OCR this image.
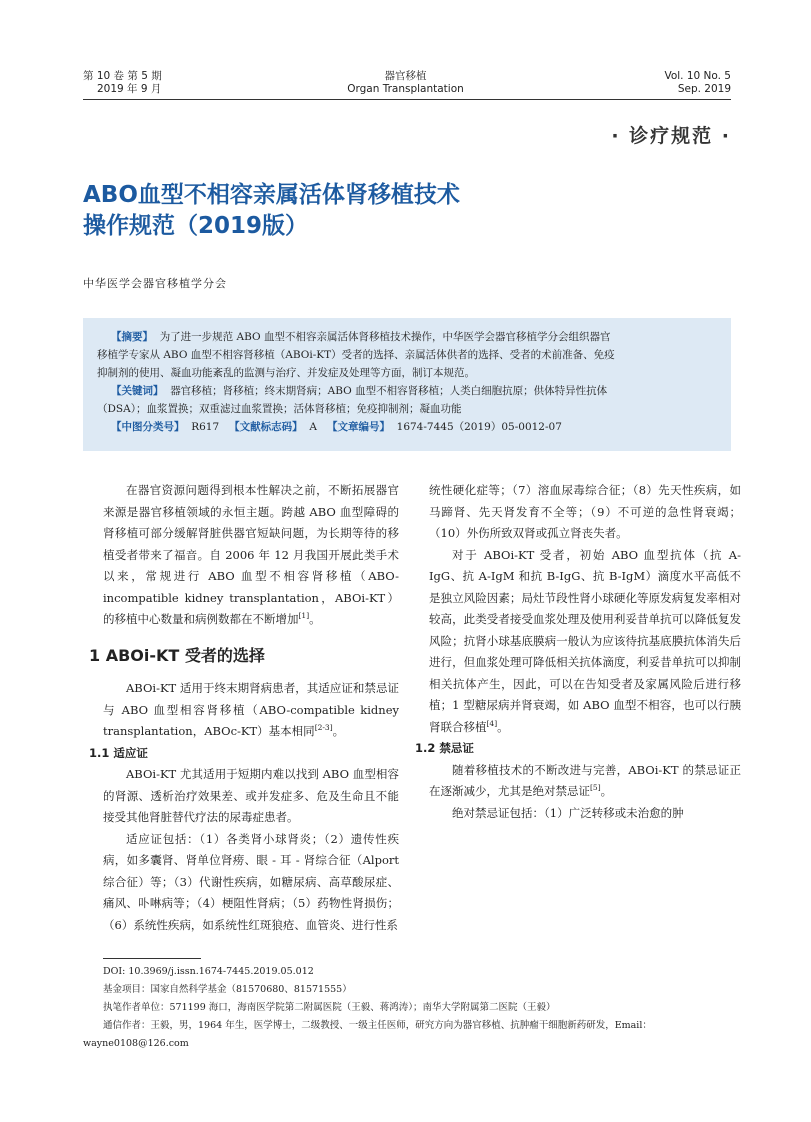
第 10 卷 第 5 期
2019 年 9 月
器官移植
Organ Transplantation
Vol. 10 No. 5
Sep. 2019
· 诊疗规范 ·
ABO血型不相容亲属活体肾移植技术
操作规范（2019版）
中华医学会器官移植学分会
【摘要】 为了进一步规范 ABO 血型不相容亲属活体肾移植技术操作，中华医学会器官移植学分会组织器官
移植学专家从 ABO 血型不相容肾移植（ABOi-KT）受者的选择、亲属活体供者的选择、受者的术前准备、免疫
抑制剂的使用、凝血功能紊乱的监测与治疗、并发症及处理等方面，制订本规范。
【关键词】 器官移植；肾移植；终末期肾病；ABO 血型不相容肾移植；人类白细胞抗原；供体特异性抗体
（DSA）；血浆置换；双重滤过血浆置换；活体肾移植；免疫抑制剂；凝血功能
【中图分类号】 R617 【文献标志码】 A 【文章编号】 1674-7445（2019）05-0012-07

在器官资源问题得到根本性解决之前，不断拓展器官来源是器官移植领域的永恒主题。跨越 ABO 血型障碍的肾移植可部分缓解肾脏供器官短缺问题，为长期等待的移植受者带来了福音。自 2006 年 12 月我国开展此类手术以来，常规进行 ABO 血型不相容肾移植（ABO-incompatible kidney transplantation，ABOi-KT）的移植中心数量和病例数都在不断增加[1]。

1 ABOi-KT 受者的选择

ABOi-KT 适用于终末期肾病患者，其适应证和禁忌证与 ABO 血型相容肾移植（ABO-compatible kidney transplantation，ABOc-KT）基本相同[2-3]。

1.1 适应证

ABOi-KT 尤其适用于短期内难以找到 ABO 血型相容的肾源、透析治疗效果差、或并发症多、危及生命且不能接受其他肾脏替代疗法的尿毒症患者。

适应证包括：（1）各类肾小球肾炎；（2）遗传性疾病，如多囊肾、肾单位肾痨、眼 - 耳 - 肾综合征（Alport 综合征）等；（3）代谢性疾病，如糖尿病、高草酸尿症、痛风、卟啉病等；（4）梗阻性肾病；（5）药物性肾损伤；（6）系统性疾病，如系统性红斑狼疮、血管炎、进行性系

统性硬化症等；（7）溶血尿毒综合征；（8）先天性疾病，如马蹄肾、先天肾发育不全等；（9）不可逆的急性肾衰竭；（10）外伤所致双肾或孤立肾丧失者。

对于 ABOi-KT 受者，初始 ABO 血型抗体（抗 A-IgG、抗 A-IgM 和抗 B-IgG、抗 B-IgM）滴度水平高低不是独立风险因素；局灶节段性肾小球硬化等原发病复发率相对较高，此类受者接受血浆处理及使用利妥昔单抗可以降低复发风险；抗肾小球基底膜病一般认为应该待抗基底膜抗体消失后进行，但血浆处理可降低相关抗体滴度，利妥昔单抗可以抑制相关抗体产生，因此，可以在告知受者及家属风险后进行移植；1 型糖尿病并肾衰竭，如 ABO 血型不相容，也可以行胰肾联合移植[4]。

1.2 禁忌证

随着移植技术的不断改进与完善，ABOi-KT 的禁忌证正在逐渐减少，尤其是绝对禁忌证[5]。

绝对禁忌证包括：（1）广泛转移或未治愈的肿

DOI: 10.3969/j.issn.1674-7445.2019.05.012
基金项目：国家自然科学基金（81570680、81571555）
执笔作者单位：571199 海口，海南医学院第二附属医院（王毅、蒋鸿涛）；南华大学附属第二医院（王毅）
通信作者：王毅，男，1964 年生，医学博士，二级教授、一级主任医师，研究方向为器官移植、抗肿瘤干细胞新药研发，Email：
wayne0108@126.com
